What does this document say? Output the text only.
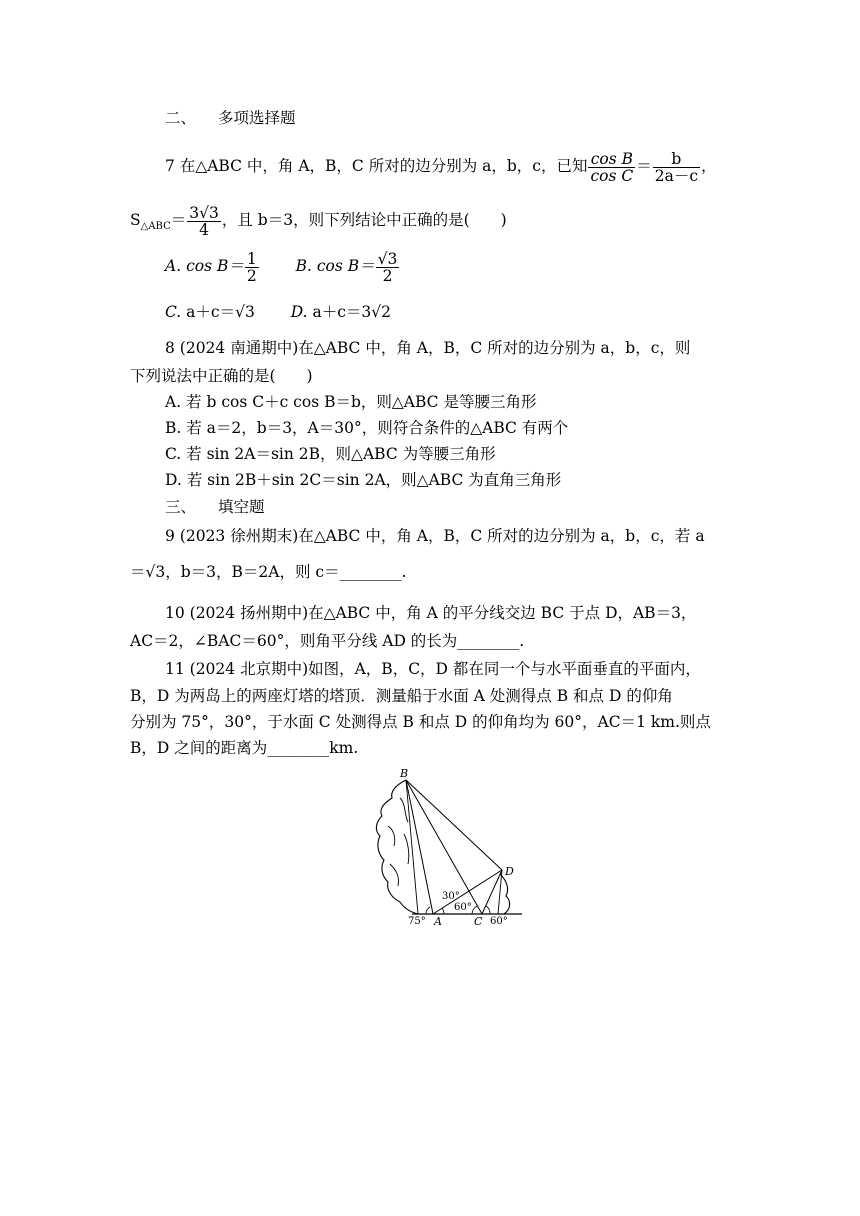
二、 多项选择题
7 在△ABC 中，角 A，B，C 所对的边分别为 a，b，c，已知 $\frac{\text{cos B}}{\text{cos C}} = \frac{b}{2a-c}$ ，
$S_{\triangle ABC}= \frac{3√3}{4}$ ，且 b＝3，则下列结论中正确的是(　　)
A. $\cos B= \frac{1}{2} B$. $\cos B= \frac{√3}{2}$
C. a＋c＝√3 D. a＋c＝3√2
8 (2024 南通期中)在△ABC 中，角 A，B，C 所对的边分别为 a，b，c，则
下列说法中正确的是(　　)
A. 若 b cos C＋c cos B＝b，则△ABC 是等腰三角形
B. 若 a＝2，b＝3，A＝30°，则符合条件的△ABC 有两个
C. 若 sin 2A＝sin 2B，则△ABC 为等腰三角形
D. 若 sin 2B＋sin 2C＝sin 2A，则△ABC 为直角三角形
三、 填空题
9 (2023 徐州期末)在△ABC 中，角 A，B，C 所对的边分别为 a，b，c，若 a
＝√3，b＝3，B＝2A，则 c＝________.
10 (2024 扬州期中)在△ABC 中，角 A 的平分线交边 BC 于点 D，AB＝3，
AC＝2，∠BAC＝60°，则角平分线 AD 的长为________.
11 (2024 北京期中)如图，A，B，C，D 都在同一个与水平面垂直的平面内，
B，D 为两岛上的两座灯塔的塔顶．测量船于水面 A 处测得点 B 和点 D 的仰角
分别为 75°，30°，于水面 C 处测得点 B 和点 D 的仰角均为 60°，AC＝1 km.则点
B，D 之间的距离为________km.
B
D
A	C
75°
30°
60°
60°
